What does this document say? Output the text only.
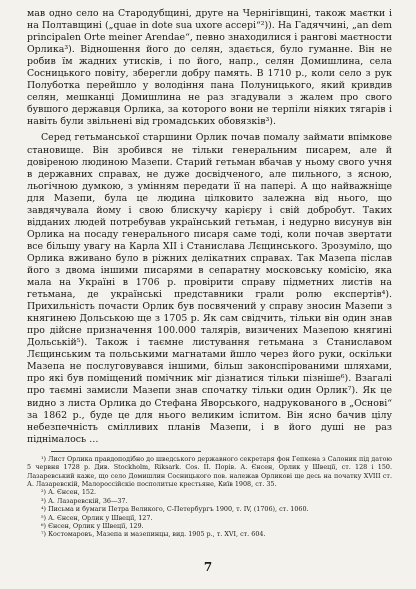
мав одно село на Стародубщині, друге на Чернігівщині, також маєтки і на Полтавщині („quae in dote sua uxore accepi“²)). На Гадяччині, „an dem principalen Orte meiner Arendae“, певно знаходилися і рангові маєтности Орлика³). Відношення його до селян, здається, було гуманне. Він не робив їм жадних утисків, і по його, напр., селян Домишлина, села Сосницького повіту, зберегли добру память. В 1710 р., коли село з рук Полуботка перейшло у володіння пана Полуницького, який кривдив селян, мешканці Домишлина не раз згадували з жалем про свого бувшого державця Орлика, за которого вони не терпіли ніяких тягарів і навіть були звільнені від громадських обовязків³).

Серед гетьманської старшини Орлик почав помалу займати впімкове становище. Він зробився не тільки генеральним писарем, але й довіреною людиною Мазепи. Старий гетьман вбачав у ньому свого учня в державних справах, не дуже досвідченого, але пильного, з ясною, льогічною думкою, з умінням передати її на папері. А що найважніще для Мазепи, була це людина цілковито залежна від нього, що завдячувала йому і свою блискучу карієру і свій добробут. Таких відданих людей потребував український гетьман, і недурно висунув він Орлика на посаду генерального писаря саме тоді, коли почав звертати все більшу увагу на Карла XII і Станислава Лєщинського. Зрозуміло, що Орлика вживано було в ріжних делікатних справах. Так Мазепа післав його з двома іншими писарями в сепаратну московську комісію, яка мала на Україні в 1706 р. провірити справу підметних листів на гетьмана, де українські представники грали ролю експертів⁴). Прихильність почасти Орлик був посвячений у справу зносин Мазепи з княгинею Дольською ще з 1705 р. Як сам свідчить, тільки він один знав про дійсне призначення 100.000 талярів, визичених Мазепою княгині Дольській⁵). Також і таємне листування гетьмана з Станиславом Лєщинським та польськими магнатами йшло через його руки, оскільки Мазепа не послуговувався іншими, більш законспірованими шляхами, про які був поміщений помічник міг дізнатися тільки пізніше⁶). Взагалі про таємні замисли Мазепи знав спочатку тільки один Орлик⁷). Як це видно з листа Орлика до Стефана Яворського, надрукованого в „Основі“ за 1862 р., буде це для нього великим іспитом. Він ясно бачив цілу небезпечність смілливих планів Мазепи, і в його душі не раз піднімалось …

¹) Лист Орлика правдоподібно до шведського державного секретаря фон Гепкена з Салоник під датою 5 червня 1728 р. Див. Stockholm, Riksark. Cos. II. Порів. А. Єнсен, Орлик у Швеції, ст. 128 і 150. Лазаревський каже, що село Домишлин Сосницького пов. належав Орликові ще десь на початку XVIII ст. А. Лазаревскій, Малороссійскіе посполитые крестьяне, Київ 1908, ст. 35.

²) А. Єнсен, 152.

³) А. Лазаревскій, 36—37.

⁴) Письма и бумаги Петра Великого, С-Петербургъ 1900, т. IV, (1706), ст. 1060.

⁵) А. Єнсен, Орлик у Швеції, 127.

⁶) Єнсен, Орлик у Швеції, 129.

⁷) Костомаровъ, Мазепа и мазепинцы, вид. 1905 р., т. XVI, ст. 604.

7
